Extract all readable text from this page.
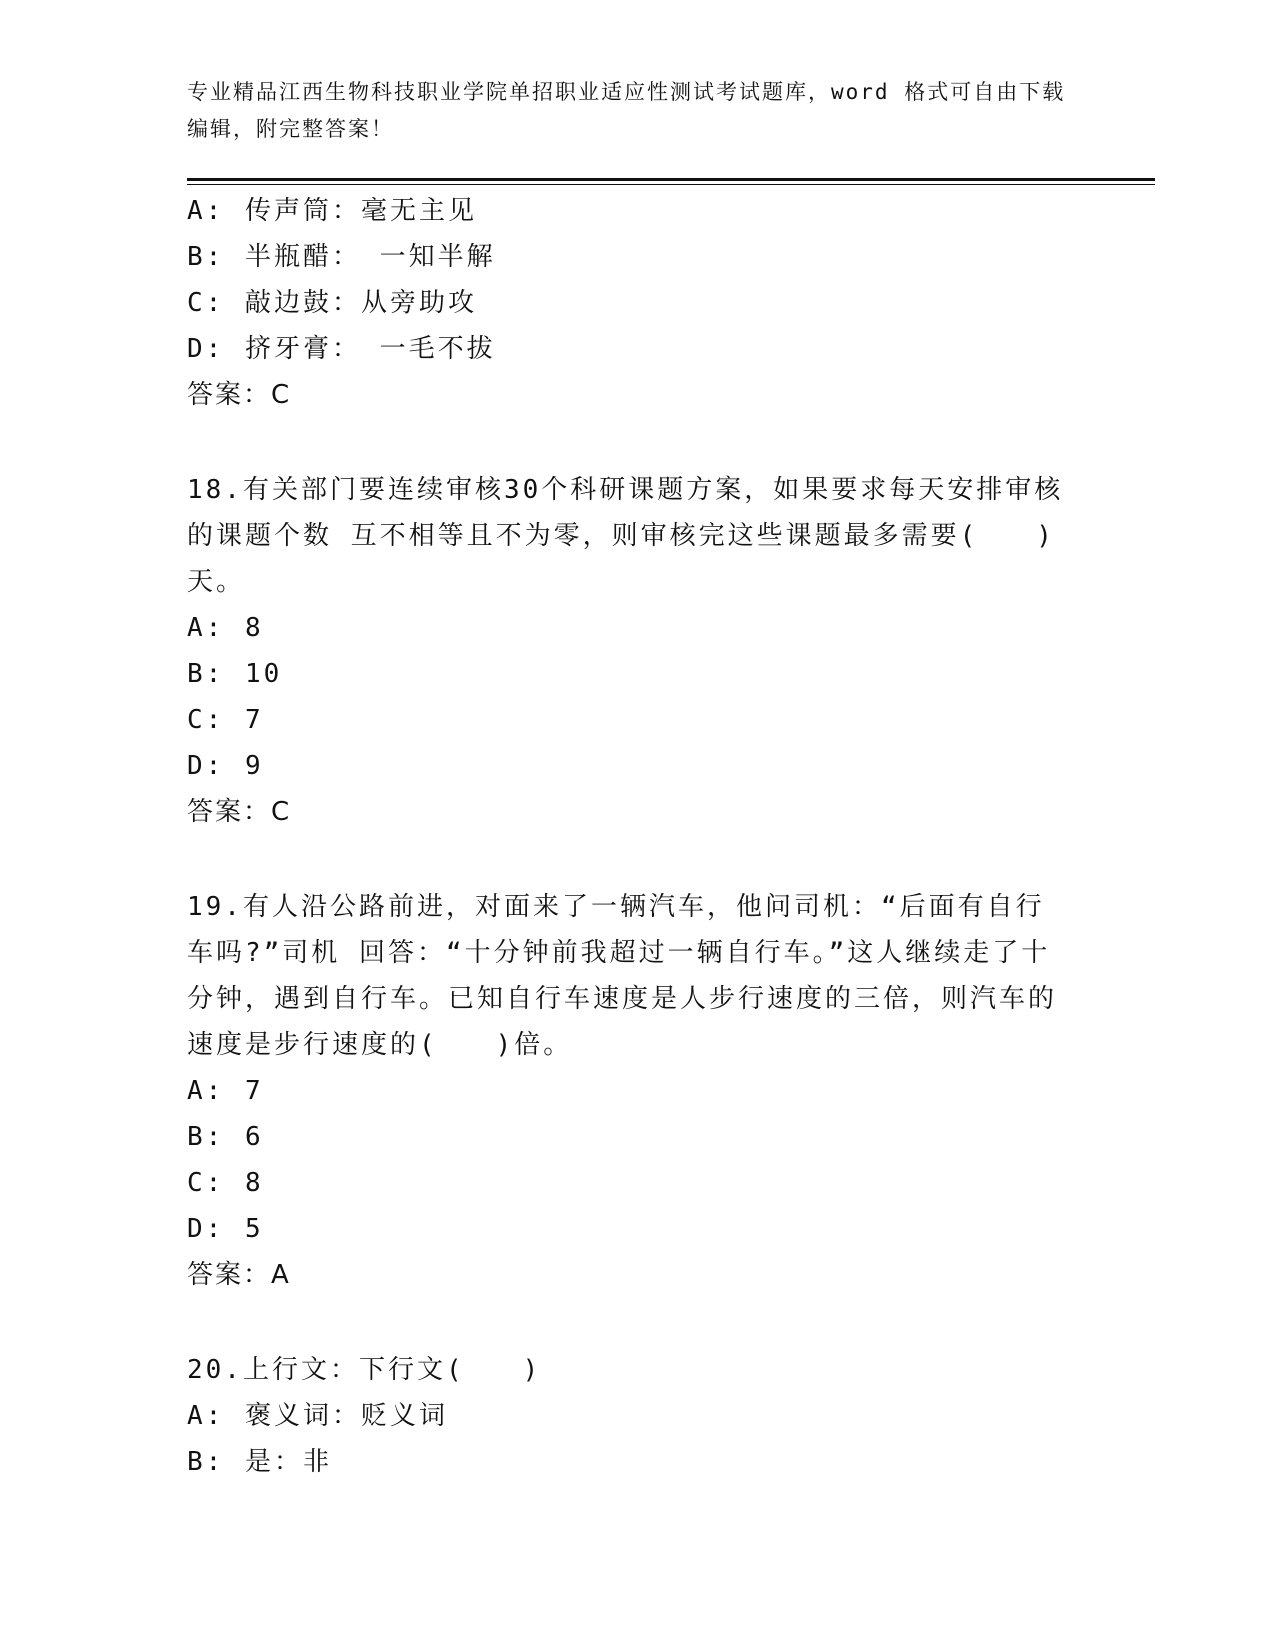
专业精品江西生物科技职业学院单招职业适应性测试考试题库，word 格式可自由下载编辑，附完整答案！
A: 传声筒：毫无主见
B: 半瓶醋： 一知半解
C: 敲边鼓：从旁助攻
D: 挤牙膏： 一毛不拔
答案：C
18.有关部门要连续审核30个科研课题方案，如果要求每天安排审核的课题个数 互不相等且不为零，则审核完这些课题最多需要(　　)天。
A: 8
B: 10
C: 7
D: 9
答案：C
19.有人沿公路前进，对面来了一辆汽车，他问司机：“后面有自行车吗?”司机 回答：“十分钟前我超过一辆自行车。”这人继续走了十分钟，遇到自行车。已知自行车速度是人步行速度的三倍，则汽车的速度是步行速度的(　　)倍。
A: 7
B: 6
C: 8
D: 5
答案：A
20.上行文：下行文(　　)
A: 褒义词：贬义词
B: 是：非
